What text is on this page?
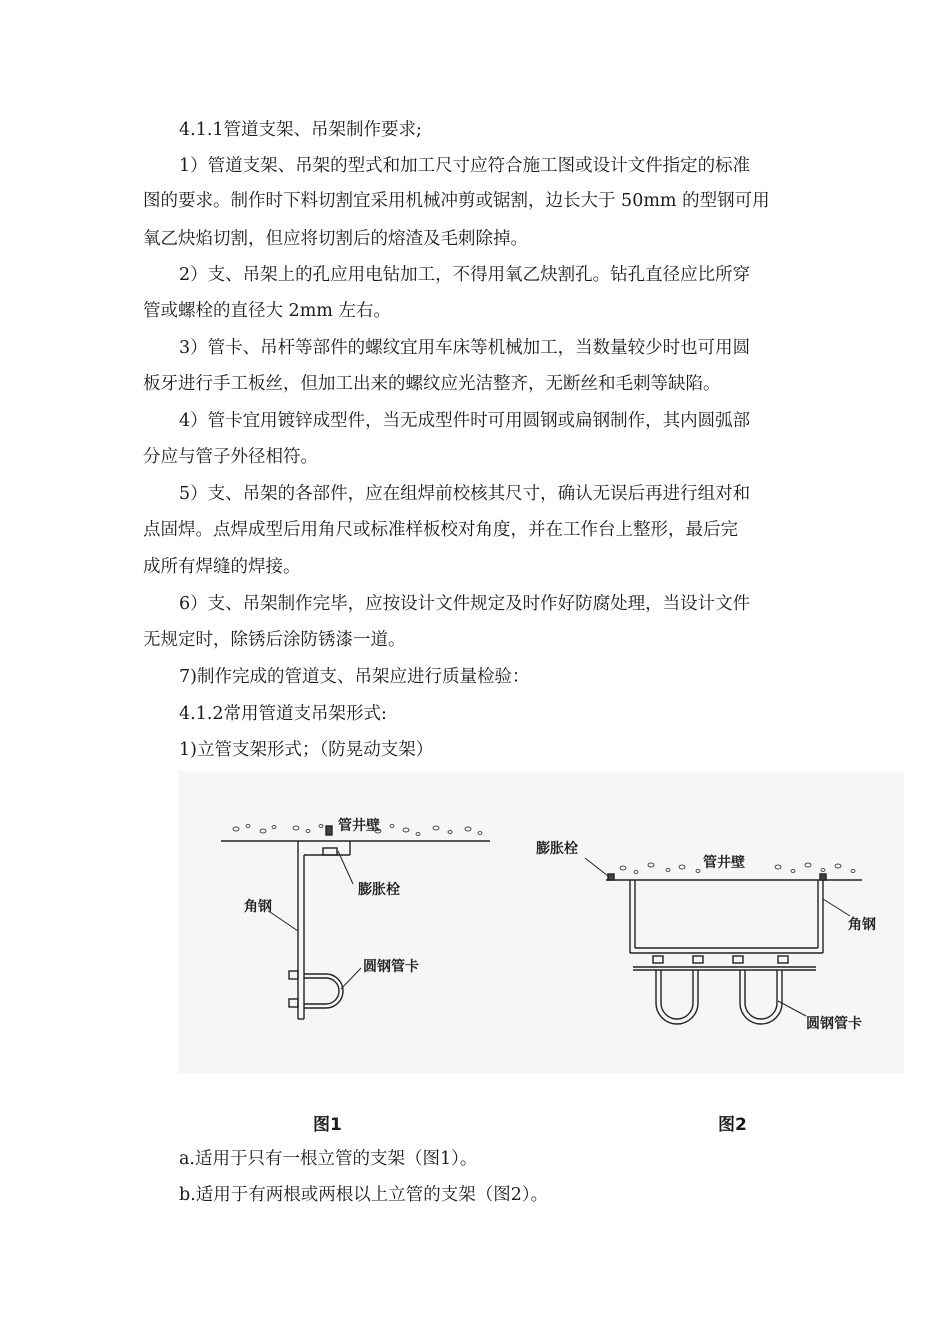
4.1.1管道支架、吊架制作要求;
1）管道支架、吊架的型式和加工尺寸应符合施工图或设计文件指定的标准
图的要求。制作时下料切割宜采用机械冲剪或锯割，边长大于 50mm 的型钢可用
氧乙炔焰切割，但应将切割后的熔渣及毛刺除掉。
2）支、吊架上的孔应用电钻加工，不得用氧乙炔割孔。钻孔直径应比所穿
管或螺栓的直径大 2mm 左右。
3）管卡、吊杆等部件的螺纹宜用车床等机械加工，当数量较少时也可用圆
板牙进行手工板丝，但加工出来的螺纹应光洁整齐，无断丝和毛刺等缺陷。
4）管卡宜用镀锌成型件，当无成型件时可用圆钢或扁钢制作，其内圆弧部
分应与管子外径相符。
5）支、吊架的各部件，应在组焊前校核其尺寸，确认无误后再进行组对和
点固焊。点焊成型后用角尺或标准样板校对角度，并在工作台上整形，最后完
成所有焊缝的焊接。
6）支、吊架制作完毕，应按设计文件规定及时作好防腐处理，当设计文件
无规定时，除锈后涂防锈漆一道。
7)制作完成的管道支、吊架应进行质量检验：
4.1.2常用管道支吊架形式:
1)立管支架形式；（防晃动支架）
管井壁
膨胀栓
角钢
圆钢管卡
管井壁
膨胀栓
角钢
圆钢管卡
图1	图2
a.适用于只有一根立管的支架（图1）。
b.适用于有两根或两根以上立管的支架（图2）。
